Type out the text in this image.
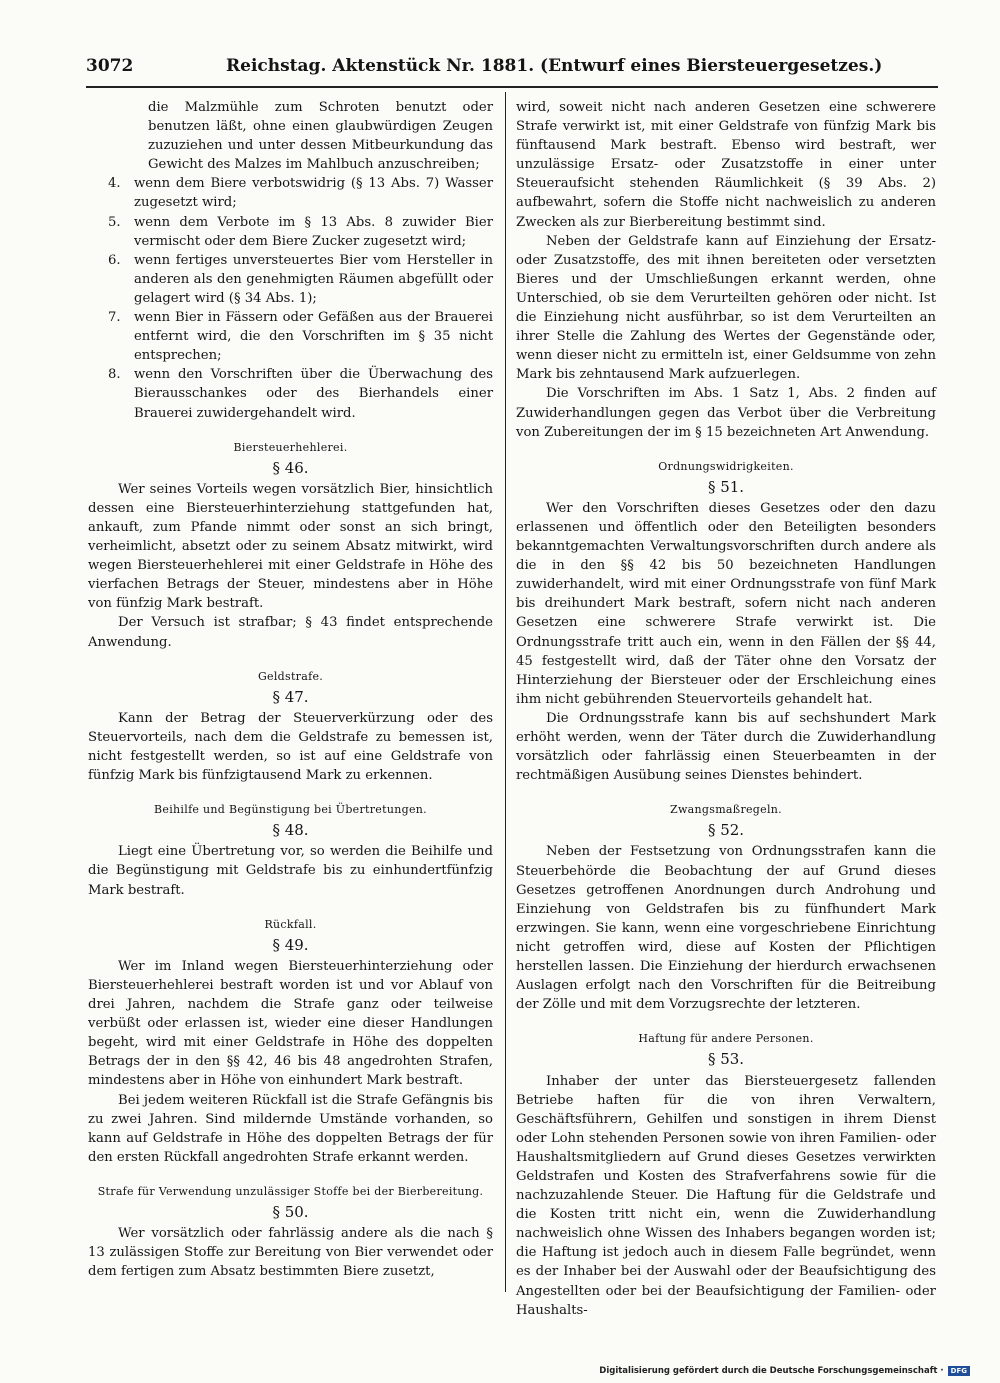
3072	Reichstag. Aktenstück Nr. 1881. (Entwurf eines Biersteuergesetzes.)

die Malzmühle zum Schroten benutzt oder benutzen läßt, ohne einen glaubwürdigen Zeugen zuzuziehen und unter dessen Mitbeurkundung das Gewicht des Malzes im Mahlbuch anzuschreiben;

4.	wenn dem Biere verbotswidrig (§ 13 Abs. 7) Wasser zugesetzt wird;
5.	wenn dem Verbote im § 13 Abs. 8 zuwider Bier vermischt oder dem Biere Zucker zugesetzt wird;
6.	wenn fertiges unversteuertes Bier vom Hersteller in anderen als den genehmigten Räumen abgefüllt oder gelagert wird (§ 34 Abs. 1);
7.	wenn Bier in Fässern oder Gefäßen aus der Brauerei entfernt wird, die den Vorschriften im § 35 nicht entsprechen;
8.	wenn den Vorschriften über die Überwachung des Bierausschankes oder des Bierhandels einer Brauerei zuwidergehandelt wird.
Biersteuerhehlerei.
§ 46.

Wer seines Vorteils wegen vorsätzlich Bier, hinsichtlich dessen eine Biersteuerhinterziehung stattgefunden hat, ankauft, zum Pfande nimmt oder sonst an sich bringt, verheimlicht, absetzt oder zu seinem Absatz mitwirkt, wird wegen Biersteuerhehlerei mit einer Geldstrafe in Höhe des vierfachen Betrags der Steuer, mindestens aber in Höhe von fünfzig Mark bestraft.

Der Versuch ist strafbar; § 43 findet entsprechende Anwendung.

Geldstrafe.
§ 47.

Kann der Betrag der Steuerverkürzung oder des Steuervorteils, nach dem die Geldstrafe zu bemessen ist, nicht festgestellt werden, so ist auf eine Geldstrafe von fünfzig Mark bis fünfzigtausend Mark zu erkennen.

Beihilfe und Begünstigung bei Übertretungen.
§ 48.

Liegt eine Übertretung vor, so werden die Beihilfe und die Begünstigung mit Geldstrafe bis zu einhundertfünfzig Mark bestraft.

Rückfall.
§ 49.

Wer im Inland wegen Biersteuerhinterziehung oder Biersteuerhehlerei bestraft worden ist und vor Ablauf von drei Jahren, nachdem die Strafe ganz oder teilweise verbüßt oder erlassen ist, wieder eine dieser Handlungen begeht, wird mit einer Geldstrafe in Höhe des doppelten Betrags der in den §§ 42, 46 bis 48 angedrohten Strafen, mindestens aber in Höhe von einhundert Mark bestraft.

Bei jedem weiteren Rückfall ist die Strafe Gefängnis bis zu zwei Jahren. Sind mildernde Umstände vorhanden, so kann auf Geldstrafe in Höhe des doppelten Betrags der für den ersten Rückfall angedrohten Strafe erkannt werden.

Strafe für Verwendung unzulässiger Stoffe bei der Bierbereitung.
§ 50.

Wer vorsätzlich oder fahrlässig andere als die nach § 13 zulässigen Stoffe zur Bereitung von Bier verwendet oder dem fertigen zum Absatz bestimmten Biere zusetzt,

wird, soweit nicht nach anderen Gesetzen eine schwerere Strafe verwirkt ist, mit einer Geldstrafe von fünfzig Mark bis fünftausend Mark bestraft. Ebenso wird bestraft, wer unzulässige Ersatz- oder Zusatzstoffe in einer unter Steueraufsicht stehenden Räumlichkeit (§ 39 Abs. 2) aufbewahrt, sofern die Stoffe nicht nachweislich zu anderen Zwecken als zur Bierbereitung bestimmt sind.

Neben der Geldstrafe kann auf Einziehung der Ersatz- oder Zusatzstoffe, des mit ihnen bereiteten oder versetzten Bieres und der Umschließungen erkannt werden, ohne Unterschied, ob sie dem Verurteilten gehören oder nicht. Ist die Einziehung nicht ausführbar, so ist dem Verurteilten an ihrer Stelle die Zahlung des Wertes der Gegenstände oder, wenn dieser nicht zu ermitteln ist, einer Geldsumme von zehn Mark bis zehntausend Mark aufzuerlegen.

Die Vorschriften im Abs. 1 Satz 1, Abs. 2 finden auf Zuwiderhandlungen gegen das Verbot über die Verbreitung von Zubereitungen der im § 15 bezeichneten Art Anwendung.

Ordnungswidrigkeiten.
§ 51.

Wer den Vorschriften dieses Gesetzes oder den dazu erlassenen und öffentlich oder den Beteiligten besonders bekanntgemachten Verwaltungsvorschriften durch andere als die in den §§ 42 bis 50 bezeichneten Handlungen zuwiderhandelt, wird mit einer Ordnungsstrafe von fünf Mark bis dreihundert Mark bestraft, sofern nicht nach anderen Gesetzen eine schwerere Strafe verwirkt ist. Die Ordnungsstrafe tritt auch ein, wenn in den Fällen der §§ 44, 45 festgestellt wird, daß der Täter ohne den Vorsatz der Hinterziehung der Biersteuer oder der Erschleichung eines ihm nicht gebührenden Steuervorteils gehandelt hat.

Die Ordnungsstrafe kann bis auf sechshundert Mark erhöht werden, wenn der Täter durch die Zuwiderhandlung vorsätzlich oder fahrlässig einen Steuerbeamten in der rechtmäßigen Ausübung seines Dienstes behindert.

Zwangsmaßregeln.
§ 52.

Neben der Festsetzung von Ordnungsstrafen kann die Steuerbehörde die Beobachtung der auf Grund dieses Gesetzes getroffenen Anordnungen durch Androhung und Einziehung von Geldstrafen bis zu fünfhundert Mark erzwingen. Sie kann, wenn eine vorgeschriebene Einrichtung nicht getroffen wird, diese auf Kosten der Pflichtigen herstellen lassen. Die Einziehung der hierdurch erwachsenen Auslagen erfolgt nach den Vorschriften für die Beitreibung der Zölle und mit dem Vorzugsrechte der letzteren.

Haftung für andere Personen.
§ 53.

Inhaber der unter das Biersteuergesetz fallenden Betriebe haften für die von ihren Verwaltern, Geschäftsführern, Gehilfen und sonstigen in ihrem Dienst oder Lohn stehenden Personen sowie von ihren Familien- oder Haushaltsmitgliedern auf Grund dieses Gesetzes verwirkten Geldstrafen und Kosten des Strafverfahrens sowie für die nachzuzahlende Steuer. Die Haftung für die Geldstrafe und die Kosten tritt nicht ein, wenn die Zuwiderhandlung nachweislich ohne Wissen des Inhabers begangen worden ist; die Haftung ist jedoch auch in diesem Falle begründet, wenn es der Inhaber bei der Auswahl oder der Beaufsichtigung des Angestellten oder bei der Beaufsichtigung der Familien- oder Haushalts-

Digitalisierung gefördert durch die Deutsche Forschungsgemeinschaft ·	DFG
